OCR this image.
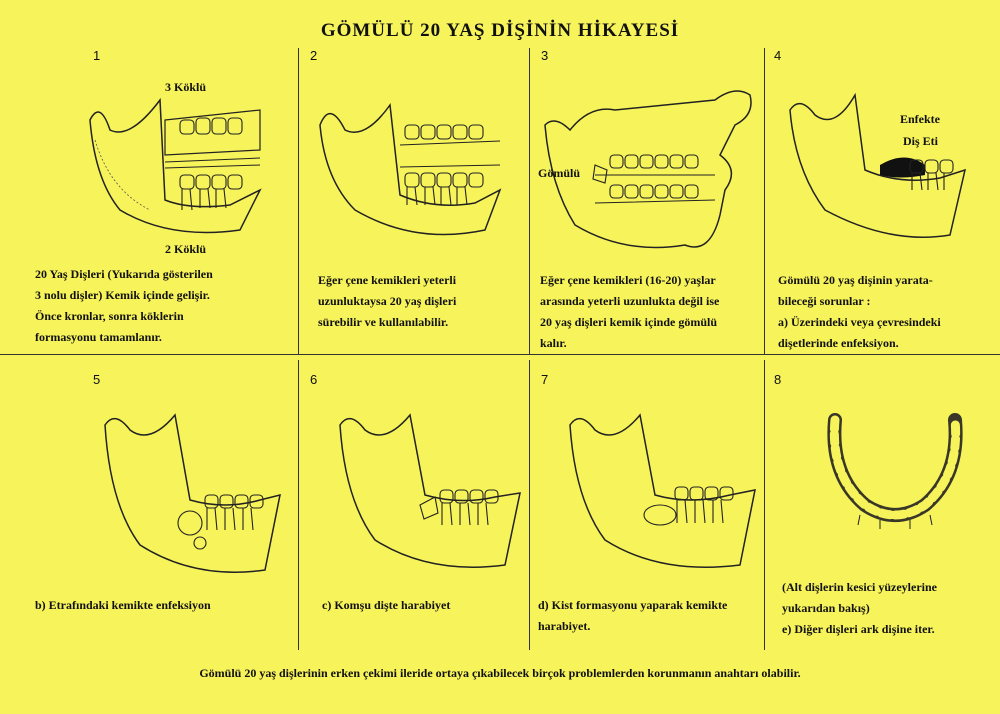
GÖMÜLÜ 20 YAŞ DİŞİNİN HİKAYESİ
1
3 Köklü
2 Köklü
20 Yaş Dişleri (Yukarıda gösterilen
3 nolu dişler) Kemik içinde gelişir.
Önce kronlar, sonra köklerin
formasyonu tamamlanır.
2
Eğer çene kemikleri yeterli
uzunluktaysa 20 yaş dişleri
sürebilir ve kullanılabilir.
3
Gömülü
Eğer çene kemikleri (16-20) yaşlar
arasında yeterli uzunlukta değil ise
20 yaş dişleri kemik içinde gömülü
kalır.
4
Enfekte
Diş Eti
Gömülü 20 yaş dişinin yarata-
bileceği sorunlar :
a) Üzerindeki veya çevresindeki
dişetlerinde enfeksiyon.
5
b) Etrafındaki kemikte enfeksiyon
6
c) Komşu dişte harabiyet
7
d) Kist formasyonu yaparak kemikte
harabiyet.
8
(Alt dişlerin kesici yüzeylerine
yukarıdan bakış)
e) Diğer dişleri ark dişine iter.
Gömülü 20 yaş dişlerinin erken çekimi ileride ortaya çıkabilecek birçok problemlerden korunmanın anahtarı olabilir.
